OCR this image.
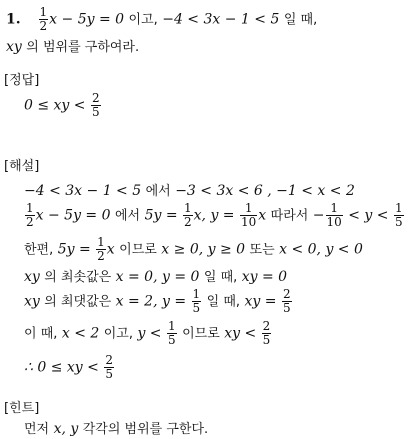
1. $\frac{1}{2}$ x − 5y = 0 이고, −4 < 3x − 1 < 5 일 때,
xy 의 범위를 구하여라.
[정답]
0 ≤ xy < $\frac{2}{5}$
[해설]
−4 < 3x − 1 < 5 에서 −3 < 3x < 6 , −1 < x < 2
$\frac{1}{2}$ x − 5y = 0 에서 $5y = \frac{1}{2} x$, $y = \frac{1}{10}$ x 따라서 − $\frac{1}{10} < y < \frac{1}{5}$
한편, $5y = \frac{1}{2}$ x 이므로 x ≥ 0, y ≥ 0 또는 x < 0, y < 0
xy 의 최솟값은 x = 0, y = 0 일 때, xy = 0
xy 의 최댓값은 x = 2, $y = \frac{1}{5}$ 일 때, xy = $\frac{2}{5}$
이 때, x < 2 이고, $y < \frac{1}{5}$ 이므로 xy < $\frac{2}{5}$
∴ 0 ≤ xy < $\frac{2}{5}$
[힌트]
먼저 x, y 각각의 범위를 구한다.
